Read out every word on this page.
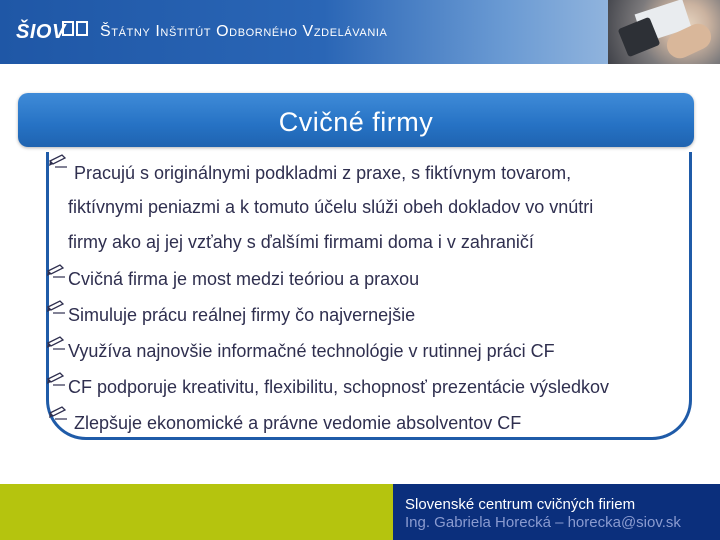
ŠIOV Štátny Inštitút Odborného Vzdelávania
Cvičné firmy
Pracujú s originálnymi podkladmi z praxe, s fiktívnym tovarom,
fiktívnymi peniazmi a k tomuto účelu slúži obeh dokladov vo vnútri
firmy ako aj jej vzťahy s ďalšími firmami doma i v zahraničí
Cvičná firma je most medzi teóriou a praxou
Simuluje prácu reálnej firmy čo najvernejšie
Využíva najnovšie informačné technológie v rutinnej práci CF
CF podporuje kreativitu, flexibilitu, schopnosť prezentácie výsledkov
Zlepšuje ekonomické a právne vedomie absolventov CF
Slovenské centrum cvičných firiem
Ing. Gabriela Horecká – horecka@siov.sk
